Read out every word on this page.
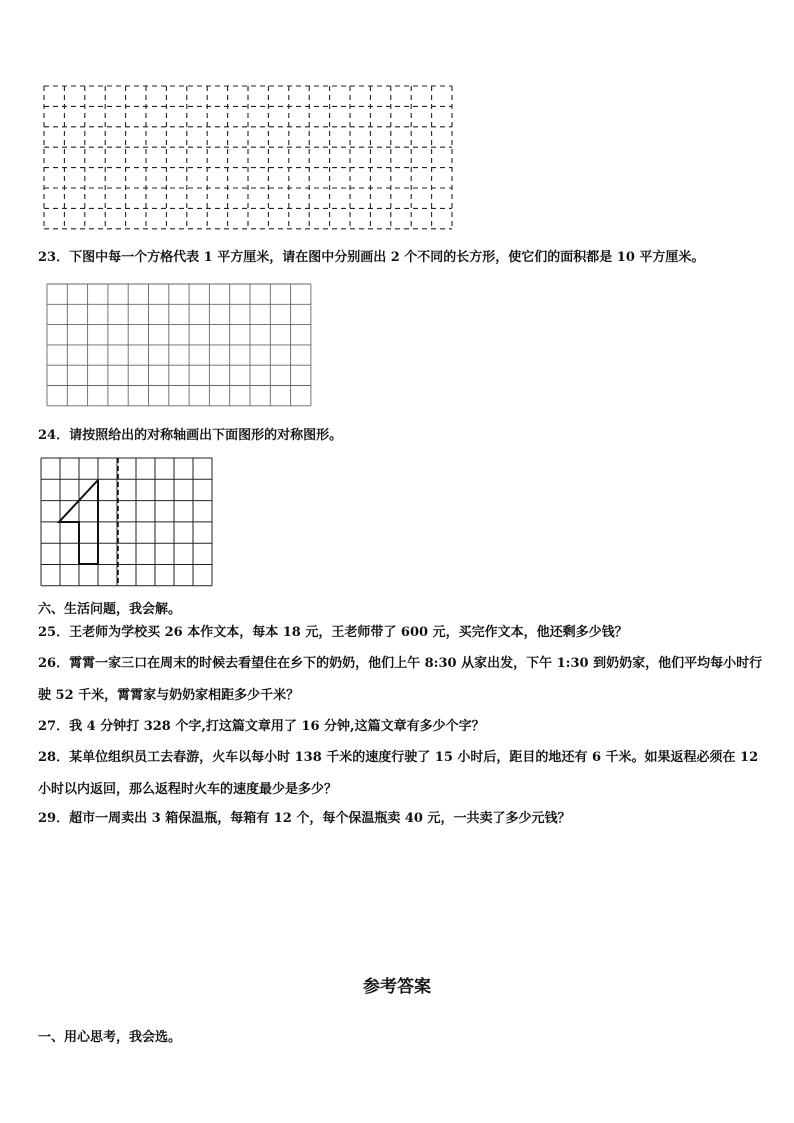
23．下图中每一个方格代表 1 平方厘米，请在图中分别画出 2 个不同的长方形，使它们的面积都是 10 平方厘米。
24．请按照给出的对称轴画出下面图形的对称图形。
六、生活问题，我会解。
25．王老师为学校买 26 本作文本，每本 18 元，王老师带了 600 元，买完作文本，他还剩多少钱？
26．霄霄一家三口在周末的时候去看望住在乡下的奶奶，他们上午 8:30 从家出发，下午 1:30 到奶奶家，他们平均每小时行驶 52 千米，霄霄家与奶奶家相距多少千米？
27．我 4 分钟打 328 个字,打这篇文章用了 16 分钟,这篇文章有多少个字？
28．某单位组织员工去春游，火车以每小时 138 千米的速度行驶了 15 小时后，距目的地还有 6 千米。如果返程必须在 12 小时以内返回，那么返程时火车的速度最少是多少？
29．超市一周卖出 3 箱保温瓶，每箱有 12 个，每个保温瓶卖 40 元，一共卖了多少元钱？
参考答案
一、用心思考，我会选。
